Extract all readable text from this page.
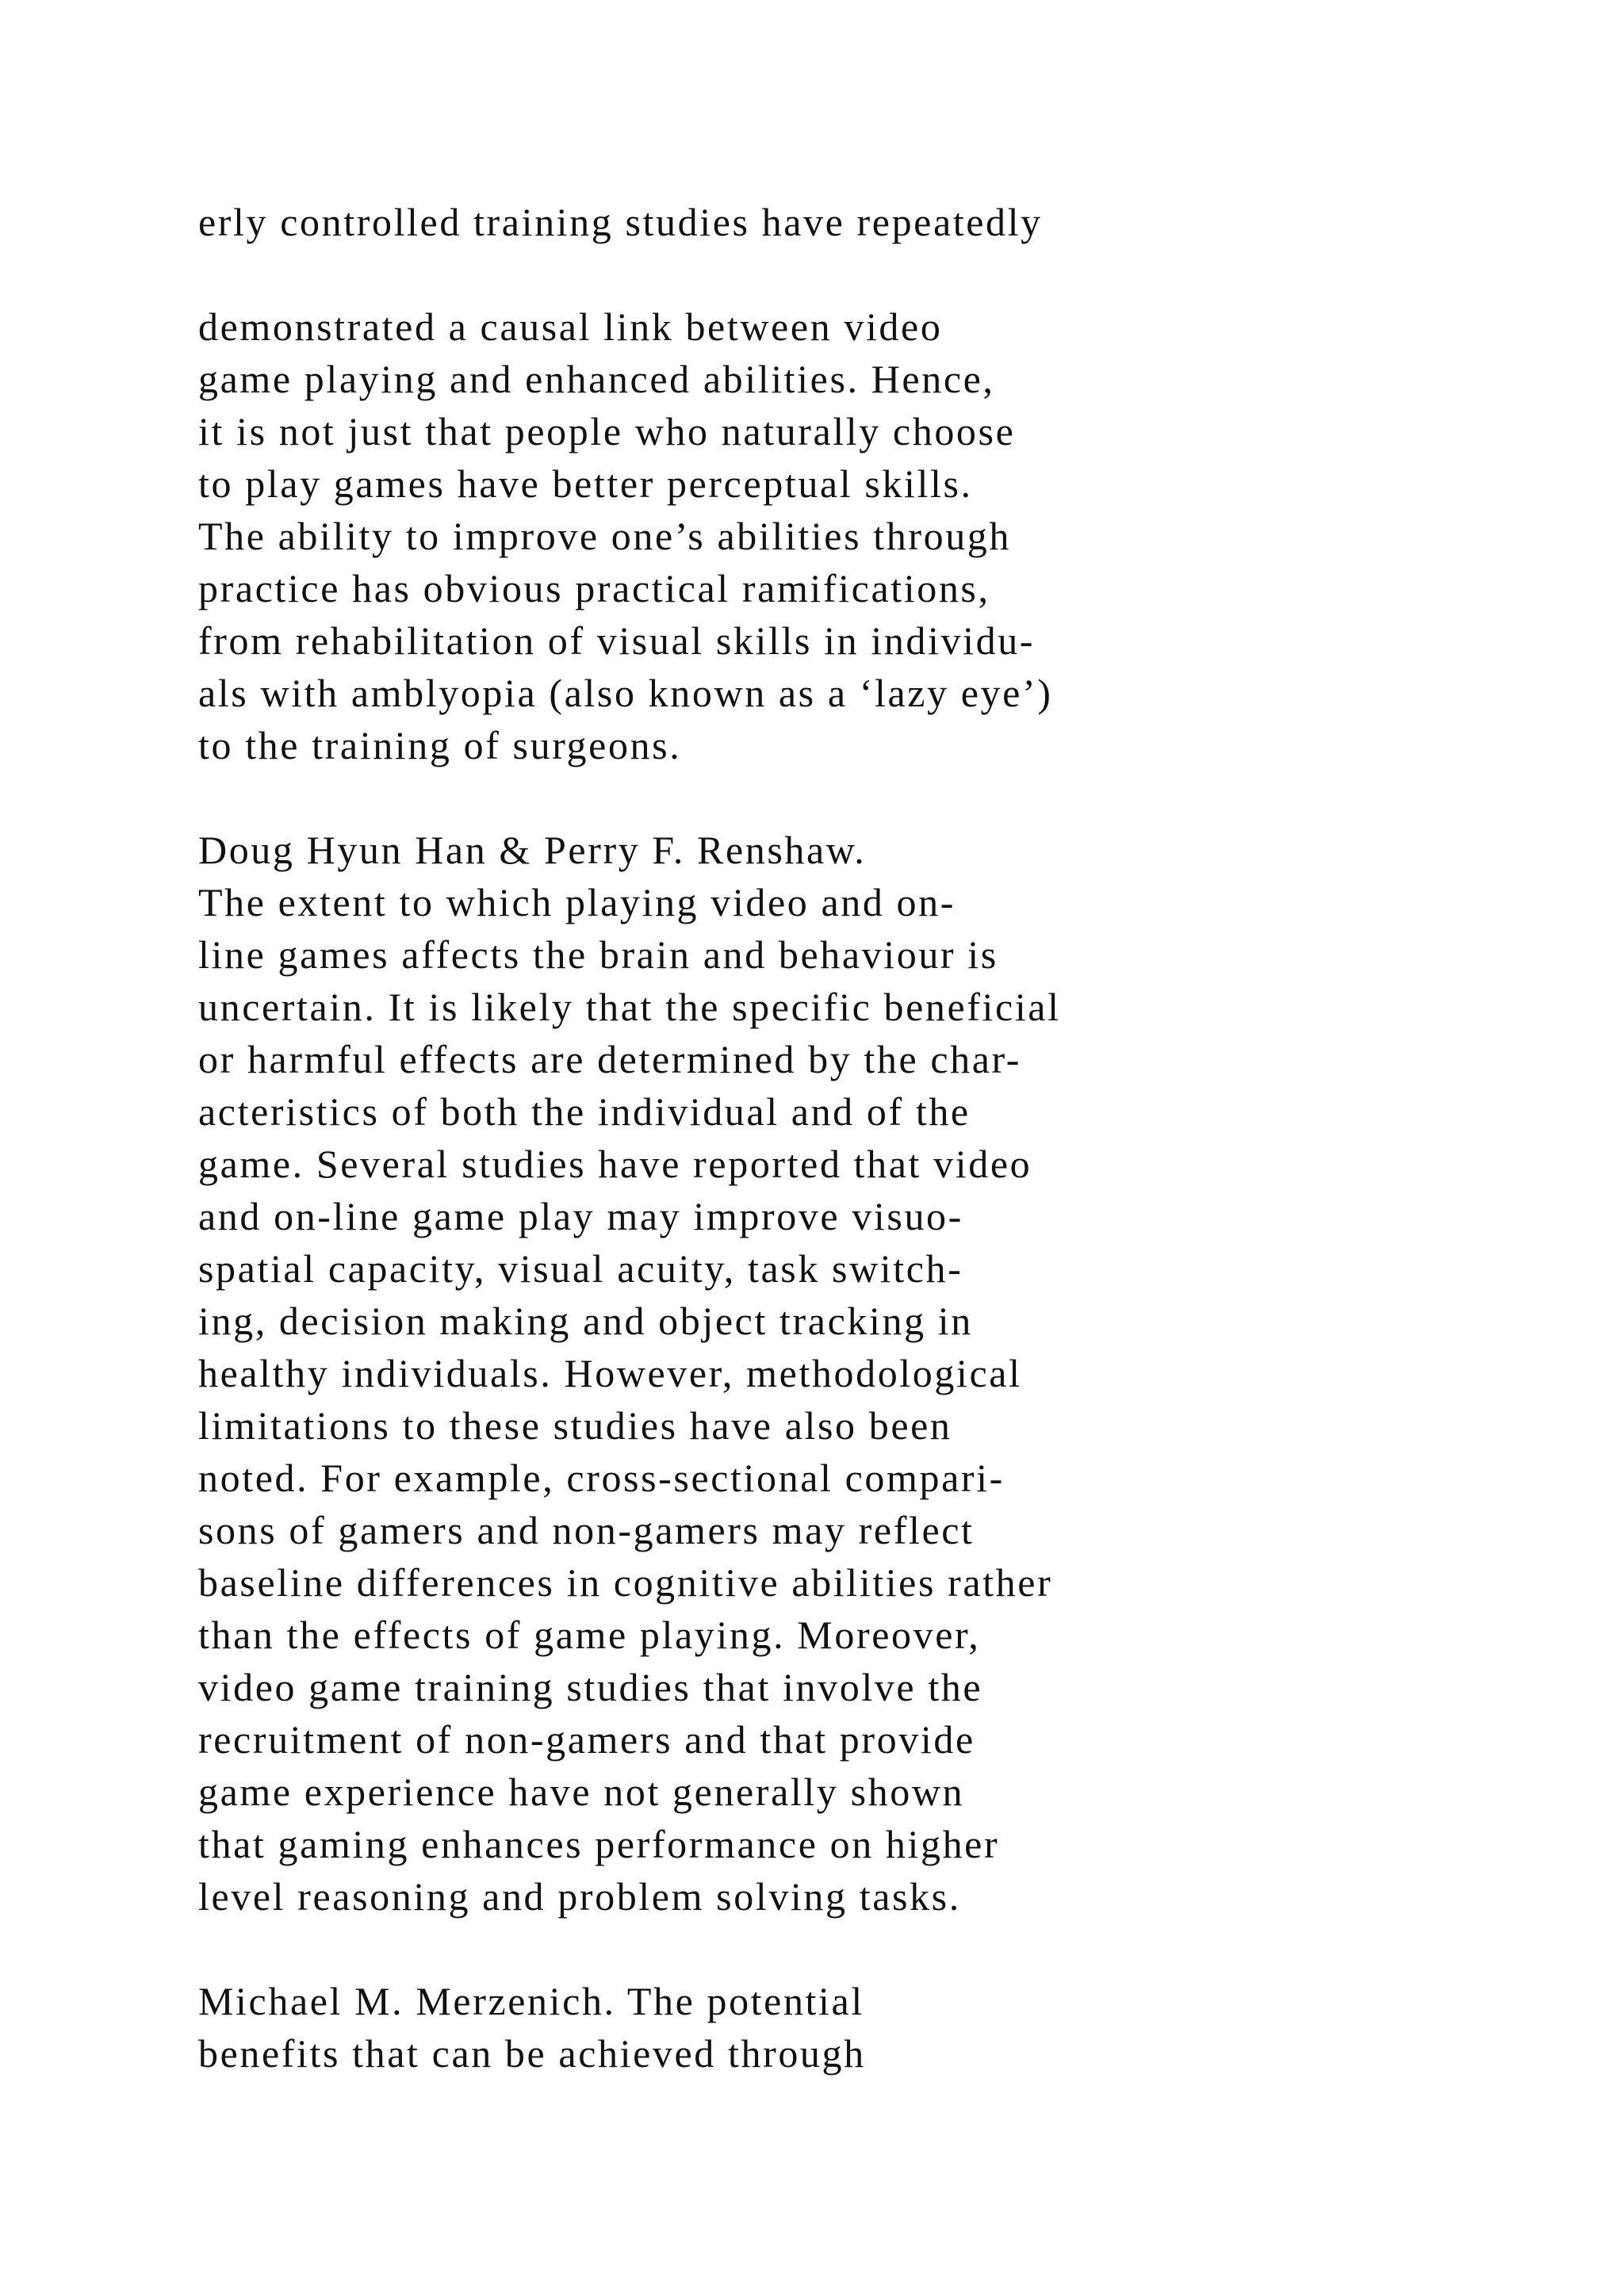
erly controlled training studies have repeatedly
demonstrated a causal link between video
game playing and enhanced abilities. Hence,
it is not just that people who naturally choose
to play games have better perceptual skills.
The ability to improve one’s abilities through
practice has obvious practical ramifications,
from rehabilitation of visual skills in individu-
als with amblyopia (also known as a ‘lazy eye’)
to the training of surgeons.
Doug Hyun Han & Perry F. Renshaw.
The extent to which playing video and on-
line games affects the brain and behaviour is
uncertain. It is likely that the specific beneficial
or harmful effects are determined by the char-
acteristics of both the individual and of the
game. Several studies have reported that video
and on-line game play may improve visuo-
spatial capacity, visual acuity, task switch-
ing, decision making and object tracking in
healthy individuals. However, methodological
limitations to these studies have also been
noted. For example, cross-sectional compari-
sons of gamers and non-gamers may reflect
baseline differences in cognitive abilities rather
than the effects of game playing. Moreover,
video game training studies that involve the
recruitment of non-gamers and that provide
game experience have not generally shown
that gaming enhances performance on higher
level reasoning and problem solving tasks.
Michael M. Merzenich. The potential
benefits that can be achieved through
